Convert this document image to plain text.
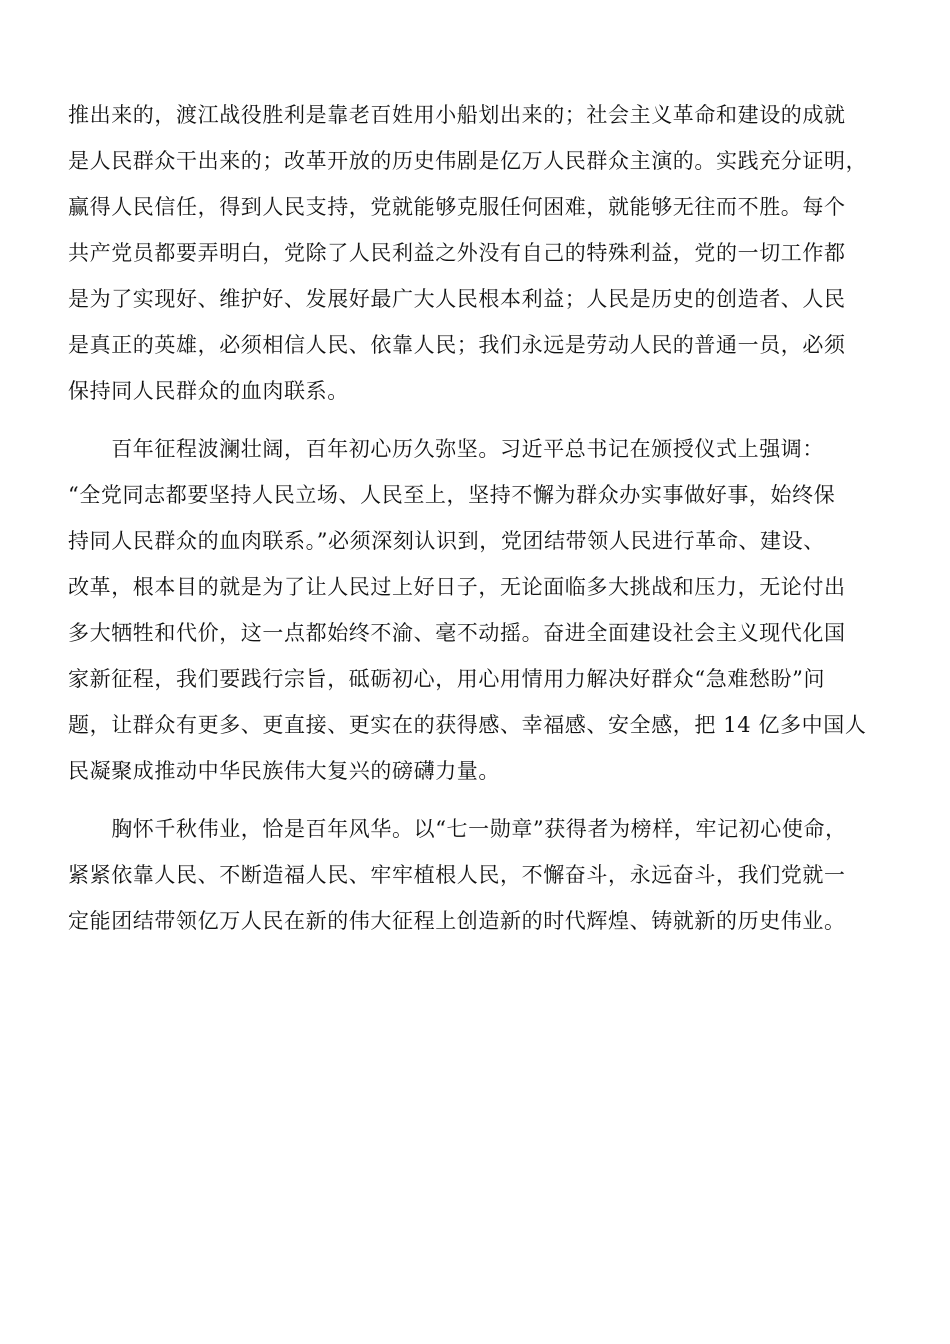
推出来的，渡江战役胜利是靠老百姓用小船划出来的；社会主义革命和建设的成就
是人民群众干出来的；改革开放的历史伟剧是亿万人民群众主演的。实践充分证明，
赢得人民信任，得到人民支持，党就能够克服任何困难，就能够无往而不胜。每个
共产党员都要弄明白，党除了人民利益之外没有自己的特殊利益，党的一切工作都
是为了实现好、维护好、发展好最广大人民根本利益；人民是历史的创造者、人民
是真正的英雄，必须相信人民、依靠人民；我们永远是劳动人民的普通一员，必须
保持同人民群众的血肉联系。
　　百年征程波澜壮阔，百年初心历久弥坚。习近平总书记在颁授仪式上强调：
“全党同志都要坚持人民立场、人民至上，坚持不懈为群众办实事做好事，始终保
持同人民群众的血肉联系。”必须深刻认识到，党团结带领人民进行革命、建设、
改革，根本目的就是为了让人民过上好日子，无论面临多大挑战和压力，无论付出
多大牺牲和代价，这一点都始终不渝、毫不动摇。奋进全面建设社会主义现代化国
家新征程，我们要践行宗旨，砥砺初心，用心用情用力解决好群众“急难愁盼”问
题，让群众有更多、更直接、更实在的获得感、幸福感、安全感，把 14 亿多中国人
民凝聚成推动中华民族伟大复兴的磅礴力量。
　　胸怀千秋伟业，恰是百年风华。以“七一勋章”获得者为榜样，牢记初心使命，
紧紧依靠人民、不断造福人民、牢牢植根人民，不懈奋斗，永远奋斗，我们党就一
定能团结带领亿万人民在新的伟大征程上创造新的时代辉煌、铸就新的历史伟业。
